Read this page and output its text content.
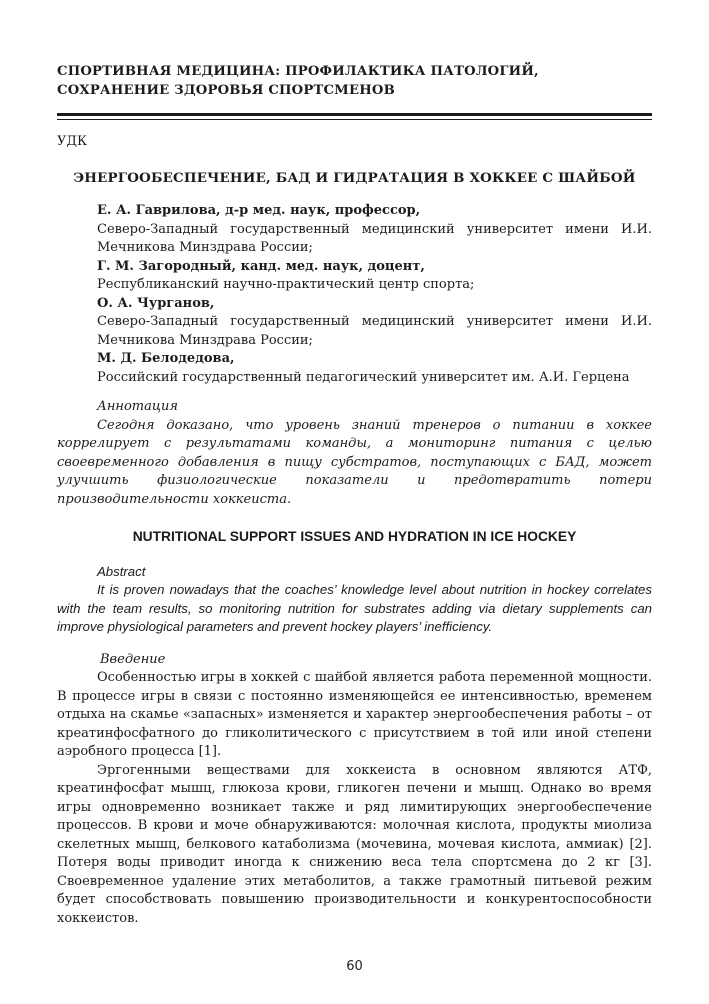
СПОРТИВНАЯ МЕДИЦИНА: ПРОФИЛАКТИКА ПАТОЛОГИЙ,
СОХРАНЕНИЕ ЗДОРОВЬЯ СПОРТСМЕНОВ

УДК

ЭНЕРГООБЕСПЕЧЕНИЕ, БАД И ГИДРАТАЦИЯ В ХОККЕЕ С ШАЙБОЙ

Е. А. Гаврилова, д-р мед. наук, профессор,

Северо-Западный государственный медицинский университет имени И.И. Мечникова Минздрава России;

Г. М. Загородный, канд. мед. наук, доцент,

Республиканский научно-практический центр спорта;

О. А. Чурганов,

Северо-Западный государственный медицинский университет имени И.И. Мечникова Минздрава России;

М. Д. Белодедова,

Российский государственный педагогический университет им. А.И. Герцена

Аннотация

Сегодня доказано, что уровень знаний тренеров о питании в хоккее коррелирует с результатами команды, а мониторинг питания с целью своевременного добавления в пищу субстратов, поступающих с БАД, может улучшить физиологические показатели и предотвратить потери производительности хоккеиста.

NUTRITIONAL SUPPORT ISSUES AND HYDRATION IN ICE HOCKEY

Abstract

It is proven nowadays that the coaches’ knowledge level about nutrition in hockey correlates with the team results, so monitoring nutrition for substrates adding via dietary supplements can improve physiological parameters and prevent hockey players’ inefficiency.

Введение

Особенностью игры в хоккей с шайбой является работа переменной мощности. В процессе игры в связи с постоянно изменяющейся ее интенсивностью, временем отдыха на скамье «запасных» изменяется и характер энергообеспечения работы – от креатинфосфатного до гликолитического с присутствием в той или иной степени аэробного процесса [1].

Эргогенными веществами для хоккеиста в основном являются АТФ, креатинфосфат мышц, глюкоза крови, гликоген печени и мышц. Однако во время игры одновременно возникает также и ряд лимитирующих энергообеспечение процессов. В крови и моче обнаруживаются: молочная кислота, продукты миолиза скелетных мышц, белкового катаболизма (мочевина, мочевая кислота, аммиак) [2]. Потеря воды приводит иногда к снижению веса тела спортсмена до 2 кг [3]. Своевременное удаление этих метаболитов, а также грамотный питьевой режим будет способствовать повышению производительности и конкурентоспособности хоккеистов.

60
